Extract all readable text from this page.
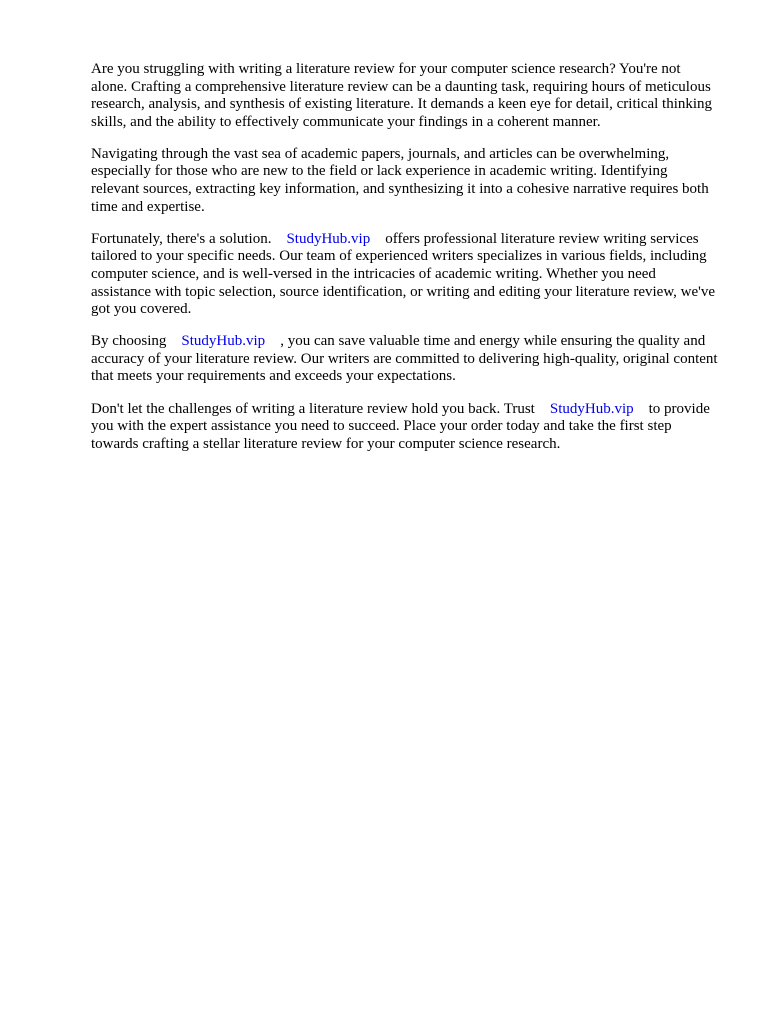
Are you struggling with writing a literature review for your computer science research? You're not alone. Crafting a comprehensive literature review can be a daunting task, requiring hours of meticulous research, analysis, and synthesis of existing literature. It demands a keen eye for detail, critical thinking skills, and the ability to effectively communicate your findings in a coherent manner.

Navigating through the vast sea of academic papers, journals, and articles can be overwhelming, especially for those who are new to the field or lack experience in academic writing. Identifying relevant sources, extracting key information, and synthesizing it into a cohesive narrative requires both time and expertise.

Fortunately, there's a solution. StudyHub.vip offers professional literature review writing services tailored to your specific needs. Our team of experienced writers specializes in various fields, including computer science, and is well-versed in the intricacies of academic writing. Whether you need assistance with topic selection, source identification, or writing and editing your literature review, we've got you covered.

By choosing StudyHub.vip , you can save valuable time and energy while ensuring the quality and accuracy of your literature review. Our writers are committed to delivering high-quality, original content that meets your requirements and exceeds your expectations.

Don't let the challenges of writing a literature review hold you back. Trust StudyHub.vip to provide you with the expert assistance you need to succeed. Place your order today and take the first step towards crafting a stellar literature review for your computer science research.
